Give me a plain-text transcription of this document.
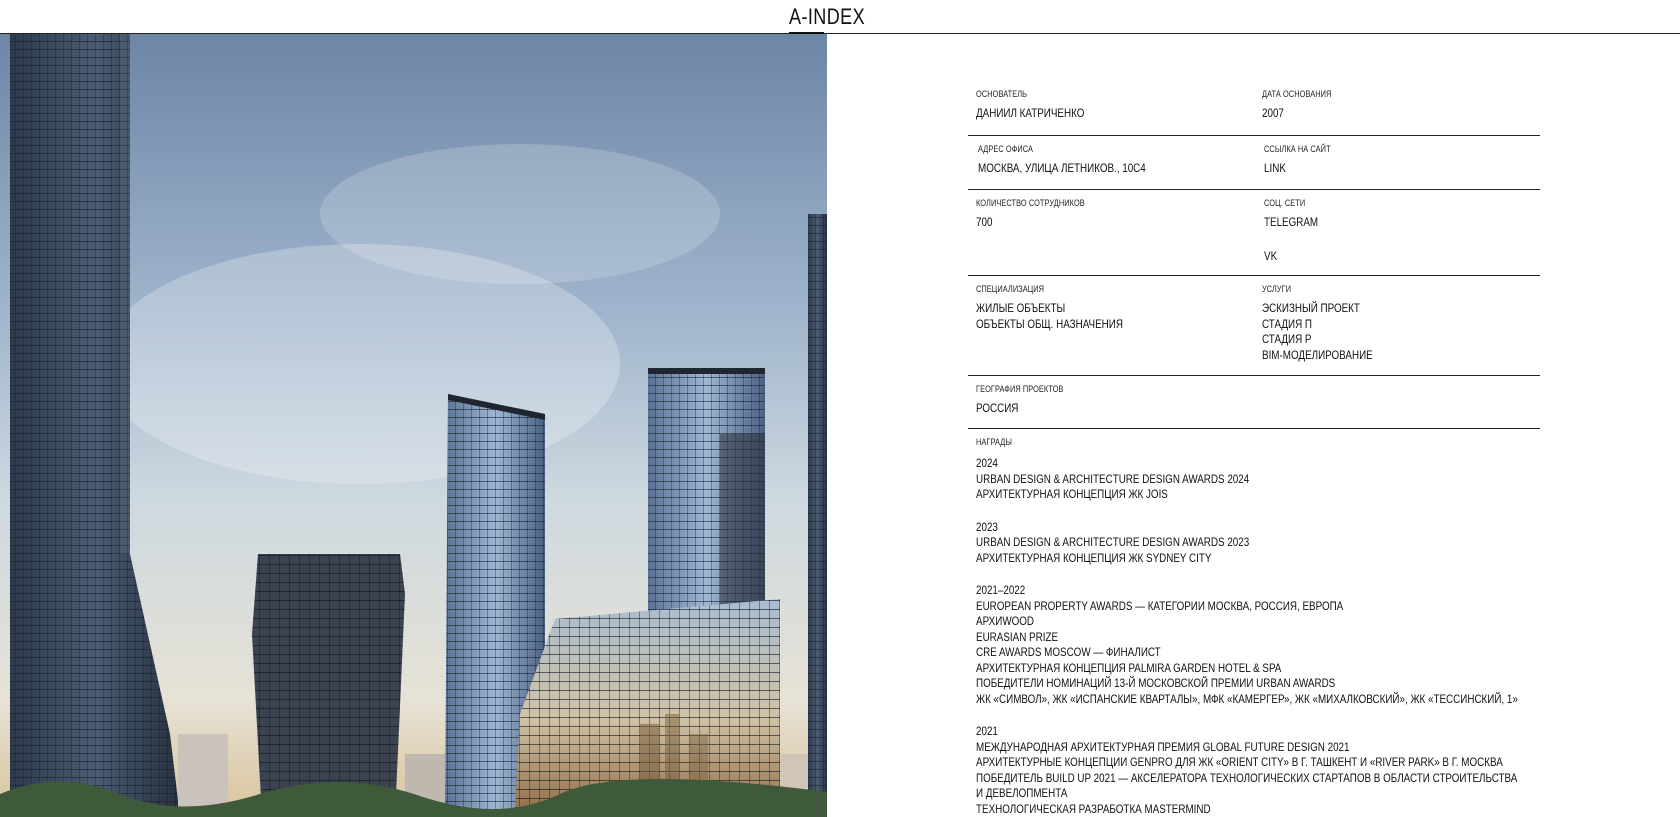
A-INDEX
ОСНОВАТЕЛЬ
ДАНИИЛ КАТРИЧЕНКО
ДАТА ОСНОВАНИЯ
2007
АДРЕС ОФИСА
МОСКВА, УЛИЦА ЛЕТНИКОВ., 10С4
ССЫЛКА НА САЙТ
LINK
КОЛИЧЕСТВО СОТРУДНИКОВ
700
СОЦ. СЕТИ
TELEGRAM
VK
СПЕЦИАЛИЗАЦИЯ
ЖИЛЫЕ ОБЪЕКТЫ
ОБЪЕКТЫ ОБЩ. НАЗНАЧЕНИЯ
УСЛУГИ
ЭСКИЗНЫЙ ПРОЕКТ
СТАДИЯ П
СТАДИЯ Р
BIM-МОДЕЛИРОВАНИЕ
ГЕОГРАФИЯ ПРОЕКТОВ
РОССИЯ
НАГРАДЫ
2024
URBAN DESIGN & ARCHITECTURE DESIGN AWARDS 2024
АРХИТЕКТУРНАЯ КОНЦЕПЦИЯ ЖК JOIS
2023
URBAN DESIGN & ARCHITECTURE DESIGN AWARDS 2023
АРХИТЕКТУРНАЯ КОНЦЕПЦИЯ ЖК SYDNEY CITY
2021–2022
EUROPEAN PROPERTY AWARDS — КАТЕГОРИИ МОСКВА, РОССИЯ, ЕВРОПА
АРХИWOOD
EURASIAN PRIZE
CRE AWARDS MOSCOW — ФИНАЛИСТ
АРХИТЕКТУРНАЯ КОНЦЕПЦИЯ PALMIRA GARDEN HOTEL & SPA
ПОБЕДИТЕЛИ НОМИНАЦИЙ 13-Й МОСКОВСКОЙ ПРЕМИИ URBAN AWARDS
ЖК «СИМВОЛ», ЖК «ИСПАНСКИЕ КВАРТАЛЫ», МФК «КАМЕРГЕР», ЖК «МИХАЛКОВСКИЙ», ЖК «ТЕССИНСКИЙ, 1»
2021
МЕЖДУНАРОДНАЯ АРХИТЕКТУРНАЯ ПРЕМИЯ GLOBAL FUTURE DESIGN 2021
АРХИТЕКТУРНЫЕ КОНЦЕПЦИИ GENPRO ДЛЯ ЖК «ORIENT CITY» В Г. ТАШКЕНТ И «RIVER PARK» В Г. МОСКВА
ПОБЕДИТЕЛЬ BUILD UP 2021 — АКСЕЛЕРАТОРА ТЕХНОЛОГИЧЕСКИХ СТАРТАПОВ В ОБЛАСТИ СТРОИТЕЛЬСТВА
И ДЕВЕЛОПМЕНТА
ТЕХНОЛОГИЧЕСКАЯ РАЗРАБОТКА MASTERMIND
